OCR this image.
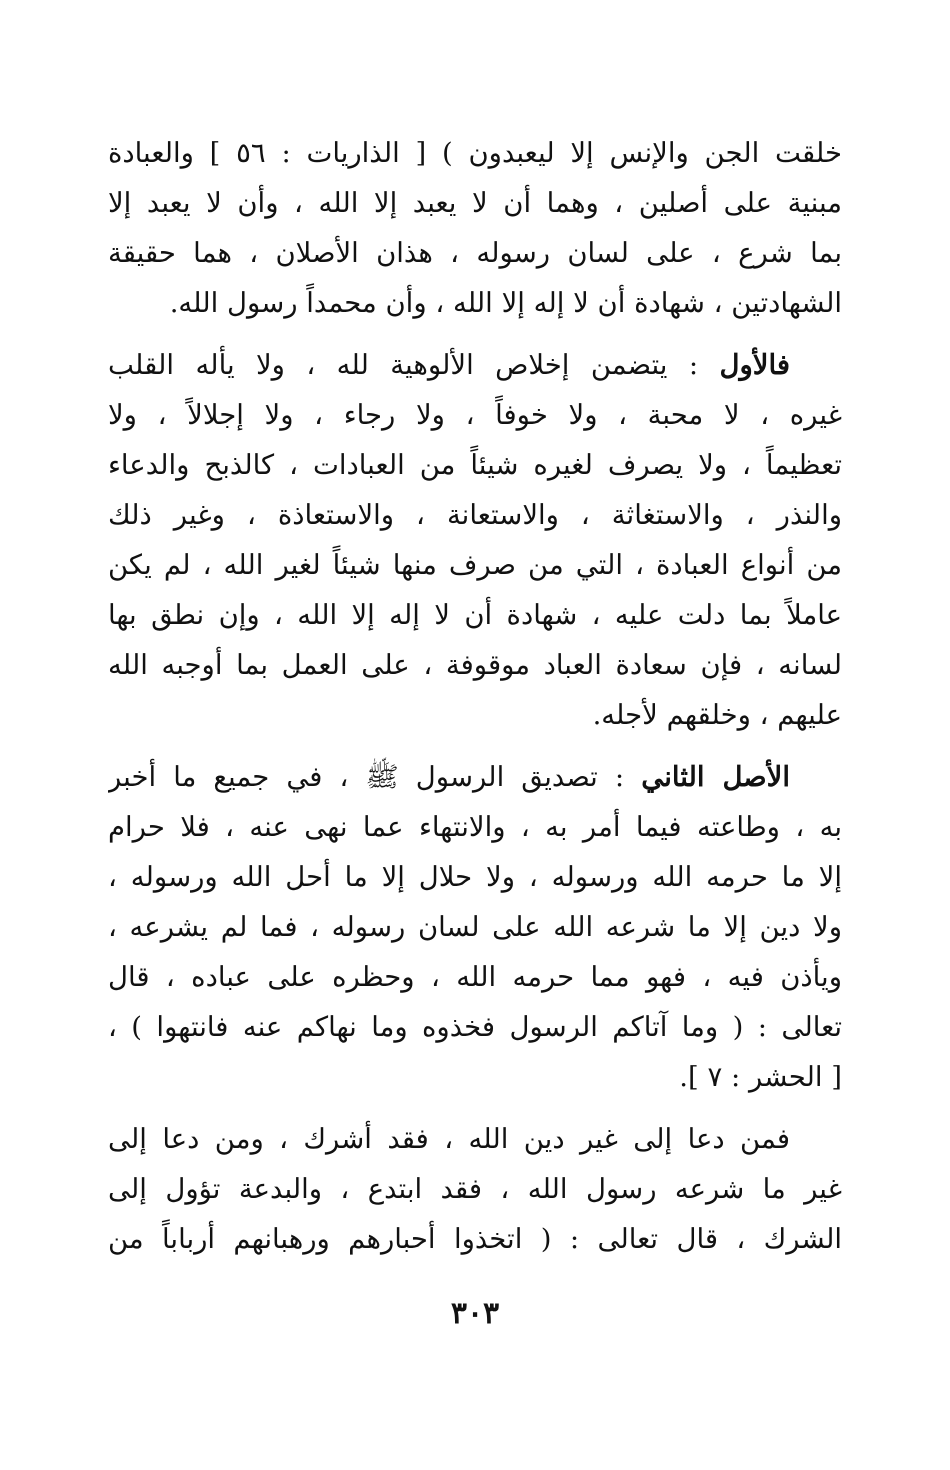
خلقت الجن والإنس إلا ليعبدون ) [ الذاريات : ٥٦ ] والعبادة
مبنية على أصلين ، وهما أن لا يعبد إلا الله ، وأن لا يعبد إلا
بما شرع ، على لسان رسوله ، هذان الأصلان ، هما حقيقة
الشهادتين ، شهادة أن لا إله إلا الله ، وأن محمداً رسول الله.
فالأول : يتضمن إخلاص الألوهية لله ، ولا يأله القلب
غيره ، لا محبة ، ولا خوفاً ، ولا رجاء ، ولا إجلالاً ، ولا
تعظيماً ، ولا يصرف لغيره شيئاً من العبادات ، كالذبح والدعاء
والنذر ، والاستغاثة ، والاستعانة ، والاستعاذة ، وغير ذلك
من أنواع العبادة ، التي من صرف منها شيئاً لغير الله ، لم يكن
عاملاً بما دلت عليه ، شهادة أن لا إله إلا الله ، وإن نطق بها
لسانه ، فإن سعادة العباد موقوفة ، على العمل بما أوجبه الله
عليهم ، وخلقهم لأجله.
الأصل الثاني : تصديق الرسول ﷺ ، في جميع ما أخبر
به ، وطاعته فيما أمر به ، والانتهاء عما نهى عنه ، فلا حرام
إلا ما حرمه الله ورسوله ، ولا حلال إلا ما أحل الله ورسوله ،
ولا دين إلا ما شرعه الله على لسان رسوله ، فما لم يشرعه ،
ويأذن فيه ، فهو مما حرمه الله ، وحظره على عباده ، قال
تعالى : ( وما آتاكم الرسول فخذوه وما نهاكم عنه فانتهوا ) ،
[ الحشر : ٧ ].
فمن دعا إلى غير دين الله ، فقد أشرك ، ومن دعا إلى
غير ما شرعه رسول الله ، فقد ابتدع ، والبدعة تؤول إلى
الشرك ، قال تعالى : ( اتخذوا أحبارهم ورهبانهم أرباباً من
٣٠٣
